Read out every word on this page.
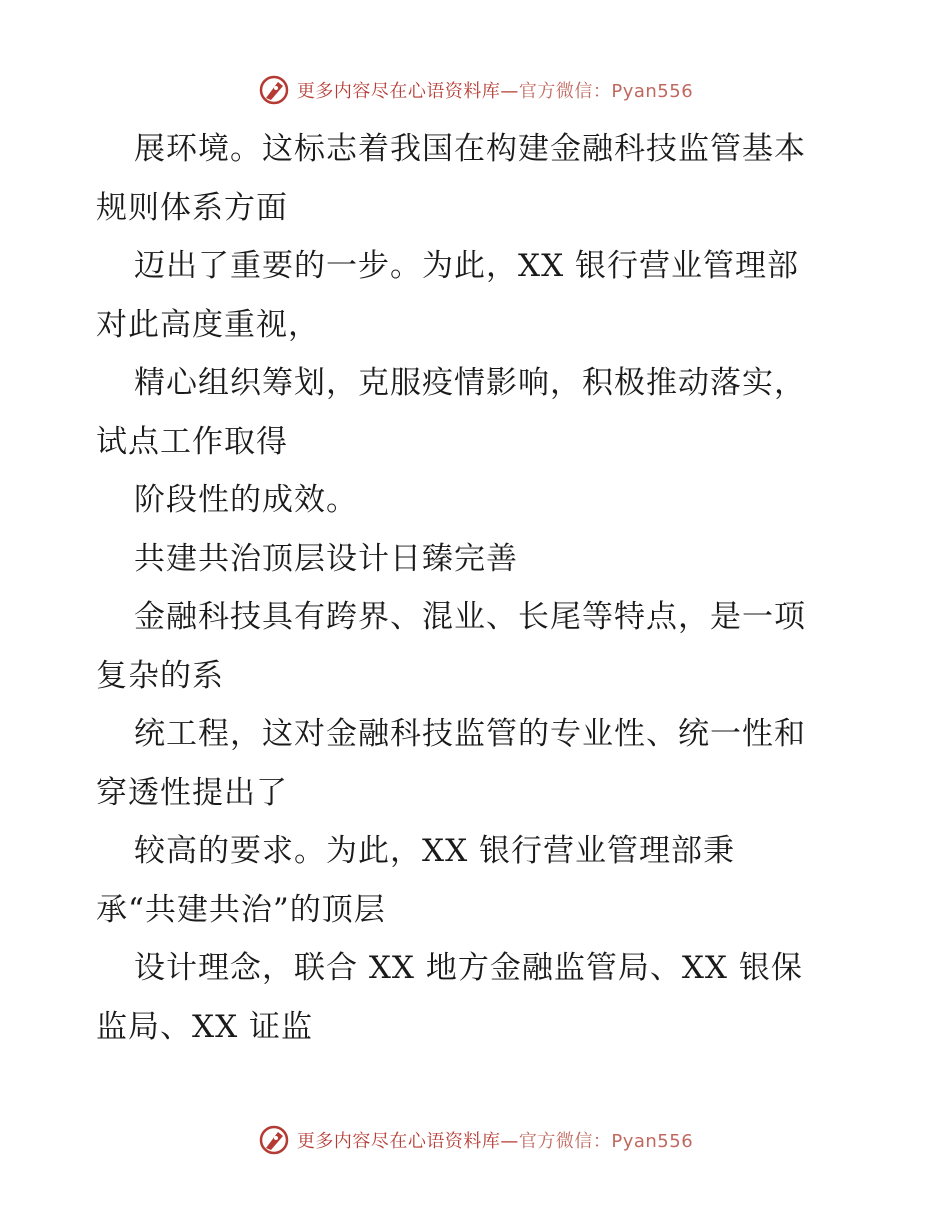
更多内容尽在心语资料库—官方微信：Pyan556
展环境。这标志着我国在构建金融科技监管基本
规则体系方面
迈出了重要的一步。为此，XX 银行营业管理部
对此高度重视，
精心组织筹划，克服疫情影响，积极推动落实，
试点工作取得
阶段性的成效。
共建共治顶层设计日臻完善
金融科技具有跨界、混业、长尾等特点，是一项
复杂的系
统工程，这对金融科技监管的专业性、统一性和
穿透性提出了
较高的要求。为此，XX 银行营业管理部秉
承“共建共治”的顶层
设计理念，联合 XX 地方金融监管局、XX 银保
监局、XX 证监
更多内容尽在心语资料库—官方微信：Pyan556
